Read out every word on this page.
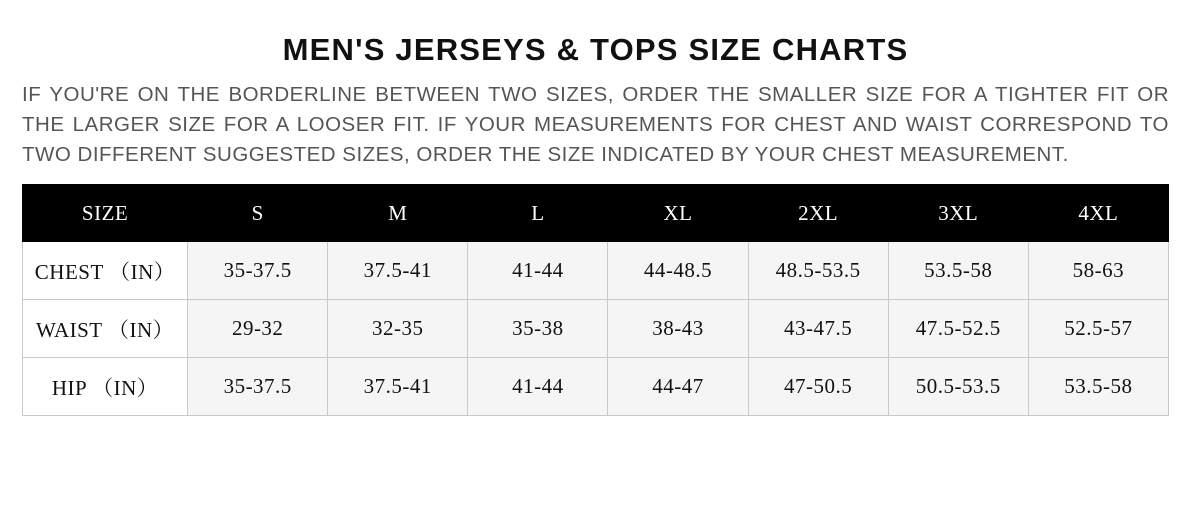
MEN'S JERSEYS & TOPS SIZE CHARTS

IF YOU'RE ON THE BORDERLINE BETWEEN TWO SIZES, ORDER THE SMALLER SIZE FOR A TIGHTER FIT OR THE LARGER SIZE FOR A LOOSER FIT. IF YOUR MEASUREMENTS FOR CHEST AND WAIST CORRESPOND TO TWO DIFFERENT SUGGESTED SIZES, ORDER THE SIZE INDICATED BY YOUR CHEST MEASUREMENT.

SIZE	S	M	L	XL	2XL	3XL	4XL
CHEST （IN）	35-37.5	37.5-41	41-44	44-48.5	48.5-53.5	53.5-58	58-63
WAIST （IN）	29-32	32-35	35-38	38-43	43-47.5	47.5-52.5	52.5-57
HIP （IN）	35-37.5	37.5-41	41-44	44-47	47-50.5	50.5-53.5	53.5-58
